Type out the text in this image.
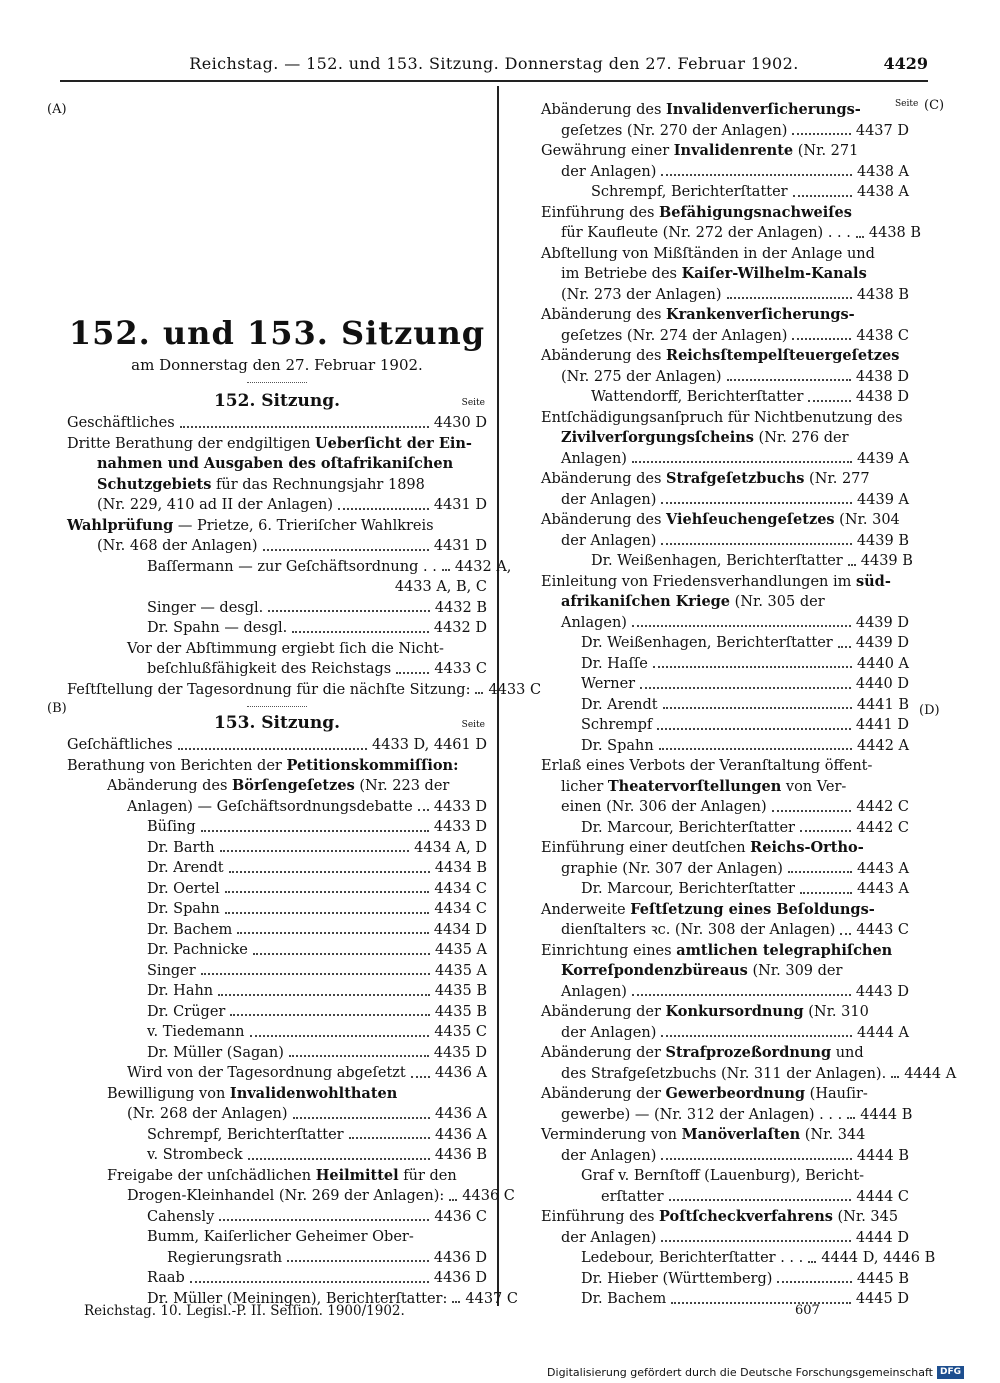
Reichstag. — 152. und 153. Sitzung. Donnerstag den 27. Februar 1902.	4429
(A)
(B)
(C)
(D)
Seite
152. und 153. Sitzung
am Donnerstag den 27. Februar 1902.
152. Sitzung.	Seite
Geschäftliches	4430 D
Dritte Berathung der endgiltigen Ueberſicht der Ein-
nahmen und Ausgaben des oſtafrikaniſchen
Schutzgebiets für das Rechnungsjahr 1898
(Nr. 229, 410 ad II der Anlagen)	4431 D
Wahlprüfung — Prietze, 6. Trieriſcher Wahlkreis
(Nr. 468 der Anlagen)	4431 D
Baſſermann — zur Geſchäftsordnung . . 4432 A,
4433 A, B, C
Singer — desgl.	4432 B
Dr. Spahn — desgl.	4432 D
Vor der Abſtimmung ergiebt ſich die Nicht-
beſchlußfähigkeit des Reichstags	4433 C
Feſtſtellung der Tagesordnung für die nächſte Sitzung: 4433 C
153. Sitzung.	Seite
Geſchäftliches	4433 D, 4461 D
Berathung von Berichten der Petitionskommiſſion:
Abänderung des Börſengeſetzes (Nr. 223 der
Anlagen) — Geſchäftsordnungsdebatte 4433 D
Büſing	4433 D
Dr. Barth	4434 A, D
Dr. Arendt	4434 B
Dr. Oertel	4434 C
Dr. Spahn	4434 C
Dr. Bachem	4434 D
Dr. Pachnicke	4435 A
Singer	4435 A
Dr. Hahn	4435 B
Dr. Crüger	4435 B
v. Tiedemann	4435 C
Dr. Müller (Sagan)	4435 D
Wird von der Tagesordnung abgeſetzt 4436 A
Bewilligung von Invalidenwohlthaten
(Nr. 268 der Anlagen)	4436 A
Schrempf, Berichterſtatter	4436 A
v. Strombeck	4436 B
Freigabe der unſchädlichen Heilmittel für den
Drogen-Kleinhandel (Nr. 269 der Anlagen): 4436 C
Cahensly	4436 C
Bumm, Kaiſerlicher Geheimer Ober-
Regierungsrath	4436 D
Raab	4436 D
Dr. Müller (Meiningen), Berichterſtatter: 4437 C
Abänderung des Invalidenverſicherungs-
geſetzes (Nr. 270 der Anlagen)	4437 D
Gewährung einer Invalidenrente (Nr. 271
der Anlagen)	4438 A
Schrempf, Berichterſtatter	4438 A
Einführung des Befähigungsnachweiſes
für Kaufleute (Nr. 272 der Anlagen) . . . 4438 B
Abſtellung von Mißſtänden in der Anlage und
im Betriebe des Kaiſer-Wilhelm-Kanals
(Nr. 273 der Anlagen)	4438 B
Abänderung des Krankenverſicherungs-
geſetzes (Nr. 274 der Anlagen)	4438 C
Abänderung des Reichsſtempelſteuergeſetzes
(Nr. 275 der Anlagen)	4438 D
Wattendorff, Berichterſtatter	4438 D
Entſchädigungsanſpruch für Nichtbenutzung des
Zivilverſorgungsſcheins (Nr. 276 der
Anlagen)	4439 A
Abänderung des Strafgeſetzbuchs (Nr. 277
der Anlagen)	4439 A
Abänderung des Viehſeuchengeſetzes (Nr. 304
der Anlagen)	4439 B
Dr. Weißenhagen, Berichterſtatter 4439 B
Einleitung von Friedensverhandlungen im süd-
afrikaniſchen Kriege (Nr. 305 der
Anlagen)	4439 D
Dr. Weißenhagen, Berichterſtatter 4439 D
Dr. Haſſe	4440 A
Werner	4440 D
Dr. Arendt	4441 B
Schrempf	4441 D
Dr. Spahn	4442 A
Erlaß eines Verbots der Veranſtaltung öffent-
licher Theatervorſtellungen von Ver-
einen (Nr. 306 der Anlagen)	4442 C
Dr. Marcour, Berichterſtatter	4442 C
Einführung einer deutſchen Reichs-Ortho-
graphie (Nr. 307 der Anlagen)	4443 A
Dr. Marcour, Berichterſtatter	4443 A
Anderweite Feſtſetzung eines Beſoldungs-
dienſtalters ꝛc. (Nr. 308 der Anlagen) 4443 C
Einrichtung eines amtlichen telegraphiſchen
Korreſpondenzbüreaus (Nr. 309 der
Anlagen)	4443 D
Abänderung der Konkursordnung (Nr. 310
der Anlagen)	4444 A
Abänderung der Strafprozeßordnung und
des Strafgeſetzbuchs (Nr. 311 der Anlagen). 4444 A
Abänderung der Gewerbeordnung (Hauſir-
gewerbe) — (Nr. 312 der Anlagen) . . . 4444 B
Verminderung von Manöverlaſten (Nr. 344
der Anlagen)	4444 B
Graf v. Bernſtoff (Lauenburg), Bericht-
erſtatter	4444 C
Einführung des Poſtſcheckverfahrens (Nr. 345
der Anlagen)	4444 D
Ledebour, Berichterſtatter . . . 4444 D, 4446 B
Dr. Hieber (Württemberg)	4445 B
Dr. Bachem	4445 D
Reichstag. 10. Legisl.-P. II. Seſſion. 1900/1902.	607
Digitalisierung gefördert durch die Deutsche Forschungsgemeinschaft DFG
